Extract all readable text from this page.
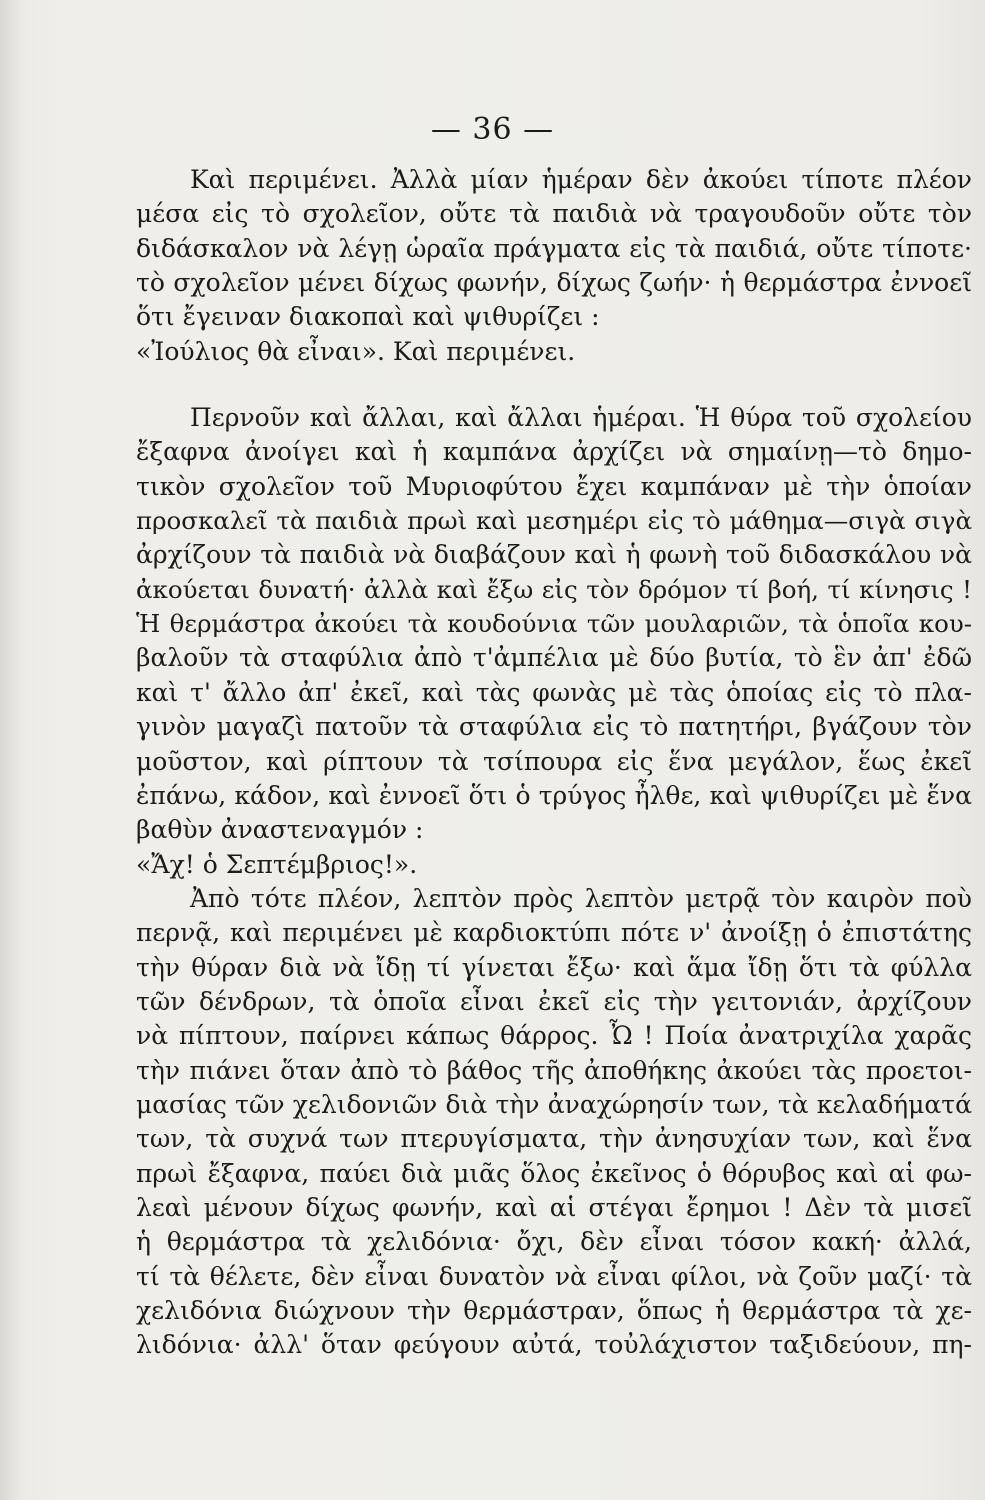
— 36 —
Καὶ περιμένει. Ἀλλὰ μίαν ἡμέραν δὲν ἀκούει τίποτε πλέον
μέσα εἰς τὸ σχολεῖον, οὔτε τὰ παιδιὰ νὰ τραγουδοῦν οὔτε τὸν
διδάσκαλον νὰ λέγῃ ὡραῖα πράγματα εἰς τὰ παιδιά, οὔτε τίποτε·
τὸ σχολεῖον μένει δίχως φωνήν, δίχως ζωήν· ἡ θερμάστρα ἐννοεῖ
ὅτι ἔγειναν διακοπαὶ καὶ ψιθυρίζει :
«Ἰούλιος θὰ εἶναι». Καὶ περιμένει.
Περνοῦν καὶ ἄλλαι, καὶ ἄλλαι ἡμέραι. Ἡ θύρα τοῦ σχολείου
ἔξαφνα ἀνοίγει καὶ ἡ καμπάνα ἀρχίζει νὰ σημαίνῃ—τὸ δημο-
τικὸν σχολεῖον τοῦ Μυριοφύτου ἔχει καμπάναν μὲ τὴν ὁποίαν
προσκαλεῖ τὰ παιδιὰ πρωὶ καὶ μεσημέρι εἰς τὸ μάθημα—σιγὰ σιγὰ
ἀρχίζουν τὰ παιδιὰ νὰ διαβάζουν καὶ ἡ φωνὴ τοῦ διδασκάλου νὰ
ἀκούεται δυνατή· ἀλλὰ καὶ ἔξω εἰς τὸν δρόμον τί βοή, τί κίνησις !
Ἡ θερμάστρα ἀκούει τὰ κουδούνια τῶν μουλαριῶν, τὰ ὁποῖα κου-
βαλοῦν τὰ σταφύλια ἀπὸ τ'ἀμπέλια μὲ δύο βυτία, τὸ ἓν ἀπ' ἐδῶ
καὶ τ' ἄλλο ἀπ' ἐκεῖ, καὶ τὰς φωνὰς μὲ τὰς ὁποίας εἰς τὸ πλα-
γινὸν μαγαζὶ πατοῦν τὰ σταφύλια εἰς τὸ πατητήρι, βγάζουν τὸν
μοῦστον, καὶ ρίπτουν τὰ τσίπουρα εἰς ἕνα μεγάλον, ἕως ἐκεῖ
ἐπάνω, κάδον, καὶ ἐννοεῖ ὅτι ὁ τρύγος ἦλθε, καὶ ψιθυρίζει μὲ ἕνα
βαθὺν ἀναστεναγμόν :
«Ἄχ! ὁ Σεπτέμβριος!».
Ἀπὸ τότε πλέον, λεπτὸν πρὸς λεπτὸν μετρᾷ τὸν καιρὸν ποὺ
περνᾷ, καὶ περιμένει μὲ καρδιοκτύπι πότε ν' ἀνοίξῃ ὁ ἐπιστάτης
τὴν θύραν διὰ νὰ ἴδῃ τί γίνεται ἔξω· καὶ ἅμα ἴδῃ ὅτι τὰ φύλλα
τῶν δένδρων, τὰ ὁποῖα εἶναι ἐκεῖ εἰς τὴν γειτονιάν, ἀρχίζουν
νὰ πίπτουν, παίρνει κάπως θάρρος. Ὦ ! Ποία ἀνατριχίλα χαρᾶς
τὴν πιάνει ὅταν ἀπὸ τὸ βάθος τῆς ἀποθήκης ἀκούει τὰς προετοι-
μασίας τῶν χελιδονιῶν διὰ τὴν ἀναχώρησίν των, τὰ κελαδήματά
των, τὰ συχνά των πτερυγίσματα, τὴν ἀνησυχίαν των, καὶ ἕνα
πρωὶ ἔξαφνα, παύει διὰ μιᾶς ὅλος ἐκεῖνος ὁ θόρυβος καὶ αἱ φω-
λεαὶ μένουν δίχως φωνήν, καὶ αἱ στέγαι ἔρημοι ! Δὲν τὰ μισεῖ
ἡ θερμάστρα τὰ χελιδόνια· ὄχι, δὲν εἶναι τόσον κακή· ἀλλά,
τί τὰ θέλετε, δὲν εἶναι δυνατὸν νὰ εἶναι φίλοι, νὰ ζοῦν μαζί· τὰ
χελιδόνια διώχνουν τὴν θερμάστραν, ὅπως ἡ θερμάστρα τὰ χε-
λιδόνια· ἀλλ' ὅταν φεύγουν αὐτά, τοὐλάχιστον ταξιδεύουν, πη-
